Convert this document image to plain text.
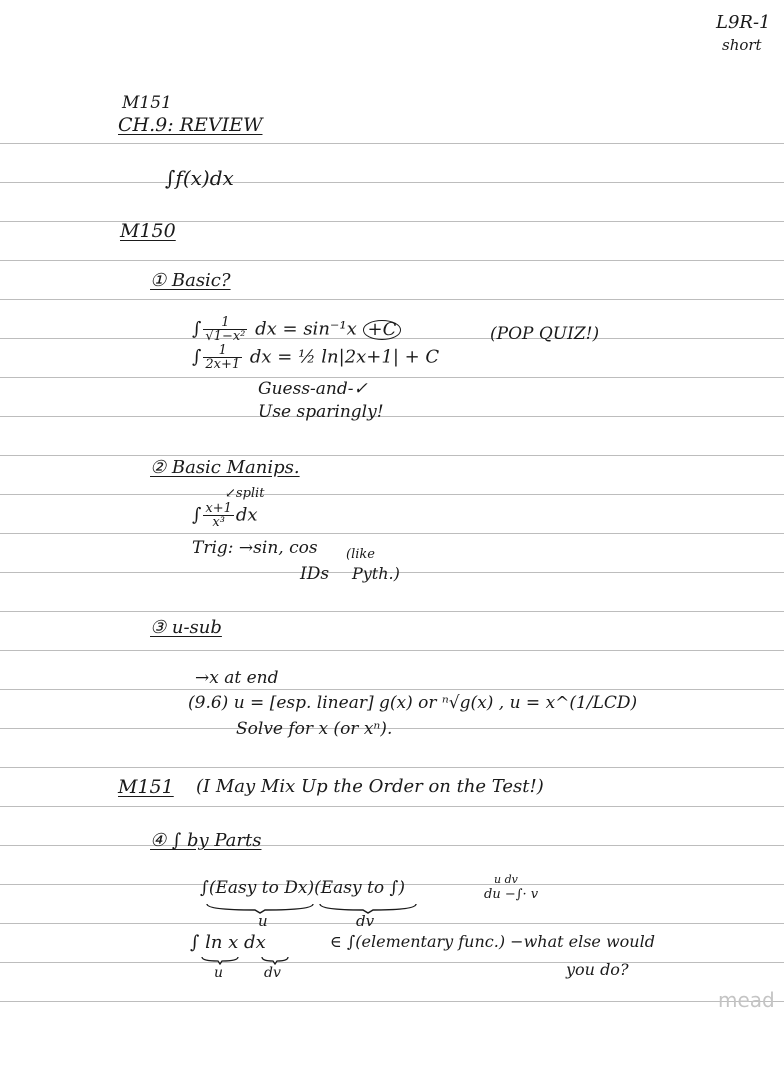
L9R-1
short
M151
CH.9: REVIEW
∫f(x)dx
M150
① Basic?
∫ $\frac{1}{\text{√1−x²}}$ dx = sin⁻¹x +C	(POP QUIZ!)
∫ $\frac{1}{2x+1}$ dx = ½ ln|2x+1| + C
Guess-and-✓
Use sparingly!
② Basic Manips.
↙split
∫ $\frac{x+1}{\text{x³}}$ dx
Trig: →sin, cos
IDs
(like
Pyth.)
③ u-sub
→x at end
(9.6) u = [esp. linear] g(x) or ⁿ√g(x) , u = x^(1/LCD)
Solve for x (or xⁿ).
M151 (I May Mix Up the Order on the Test!)
④ ∫ by Parts
∫(Easy to Dx)(Easy to ∫)
u	dv
u dv
du −∫· v
∫ ln x dx
u	dv
∈ ∫(elementary func.) −what else would
you do?
mead
